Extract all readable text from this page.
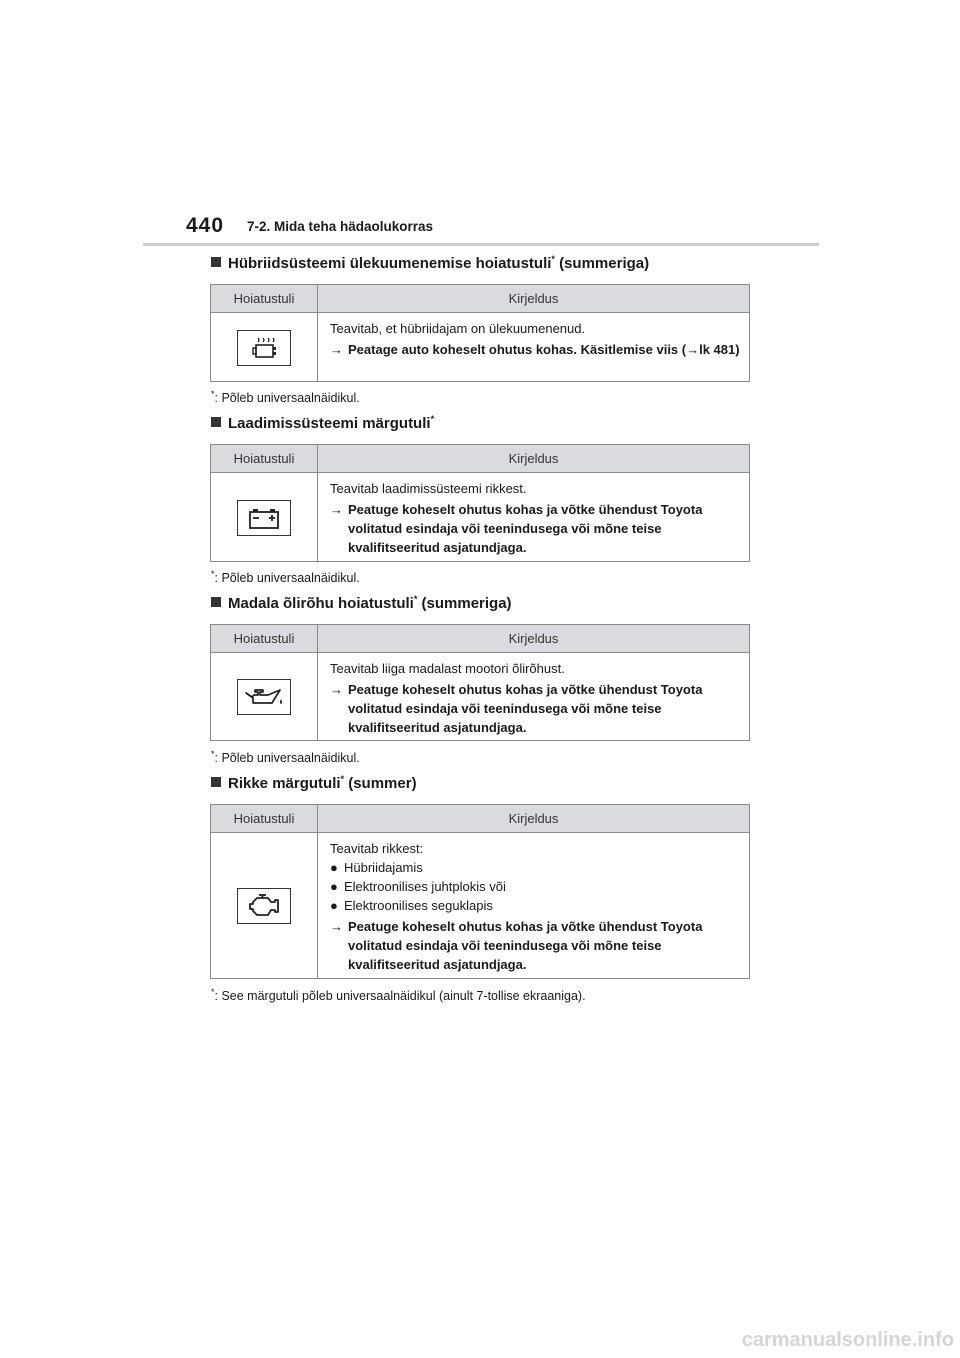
440 7-2. Mida teha hädaolukorras
Hübriidsüsteemi ülekuumenemise hoiatustuli* (summeriga)
Hoiatustuli	Kirjeldus
Teavitab, et hübriidajam on ülekuumenenud.
→ Peatage auto koheselt ohutus kohas. Käsitlemise viis (→lk 481)
*: Põleb universaalnäidikul.
Laadimissüsteemi märgutuli*
Hoiatustuli	Kirjeldus
Teavitab laadimissüsteemi rikkest.
→ Peatuge koheselt ohutus kohas ja võtke ühendust Toyota volitatud esindaja või teenindusega või mõne teise kvalifitseeritud asjatundjaga.
*: Põleb universaalnäidikul.
Madala õlirõhu hoiatustuli* (summeriga)
Hoiatustuli	Kirjeldus
Teavitab liiga madalast mootori õlirõhust.
→ Peatuge koheselt ohutus kohas ja võtke ühendust Toyota volitatud esindaja või teenindusega või mõne teise kvalifitseeritud asjatundjaga.
*: Põleb universaalnäidikul.
Rikke märgutuli* (summer)
Hoiatustuli	Kirjeldus
Teavitab rikkest:
● Hübriidajamis
● Elektroonilises juhtplokis või
● Elektroonilises seguklapis
→ Peatuge koheselt ohutus kohas ja võtke ühendust Toyota volitatud esindaja või teenindusega või mõne teise kvalifitseeritud asjatundjaga.
*: See märgutuli põleb universaalnäidikul (ainult 7-tollise ekraaniga).
carmanualsonline.info
